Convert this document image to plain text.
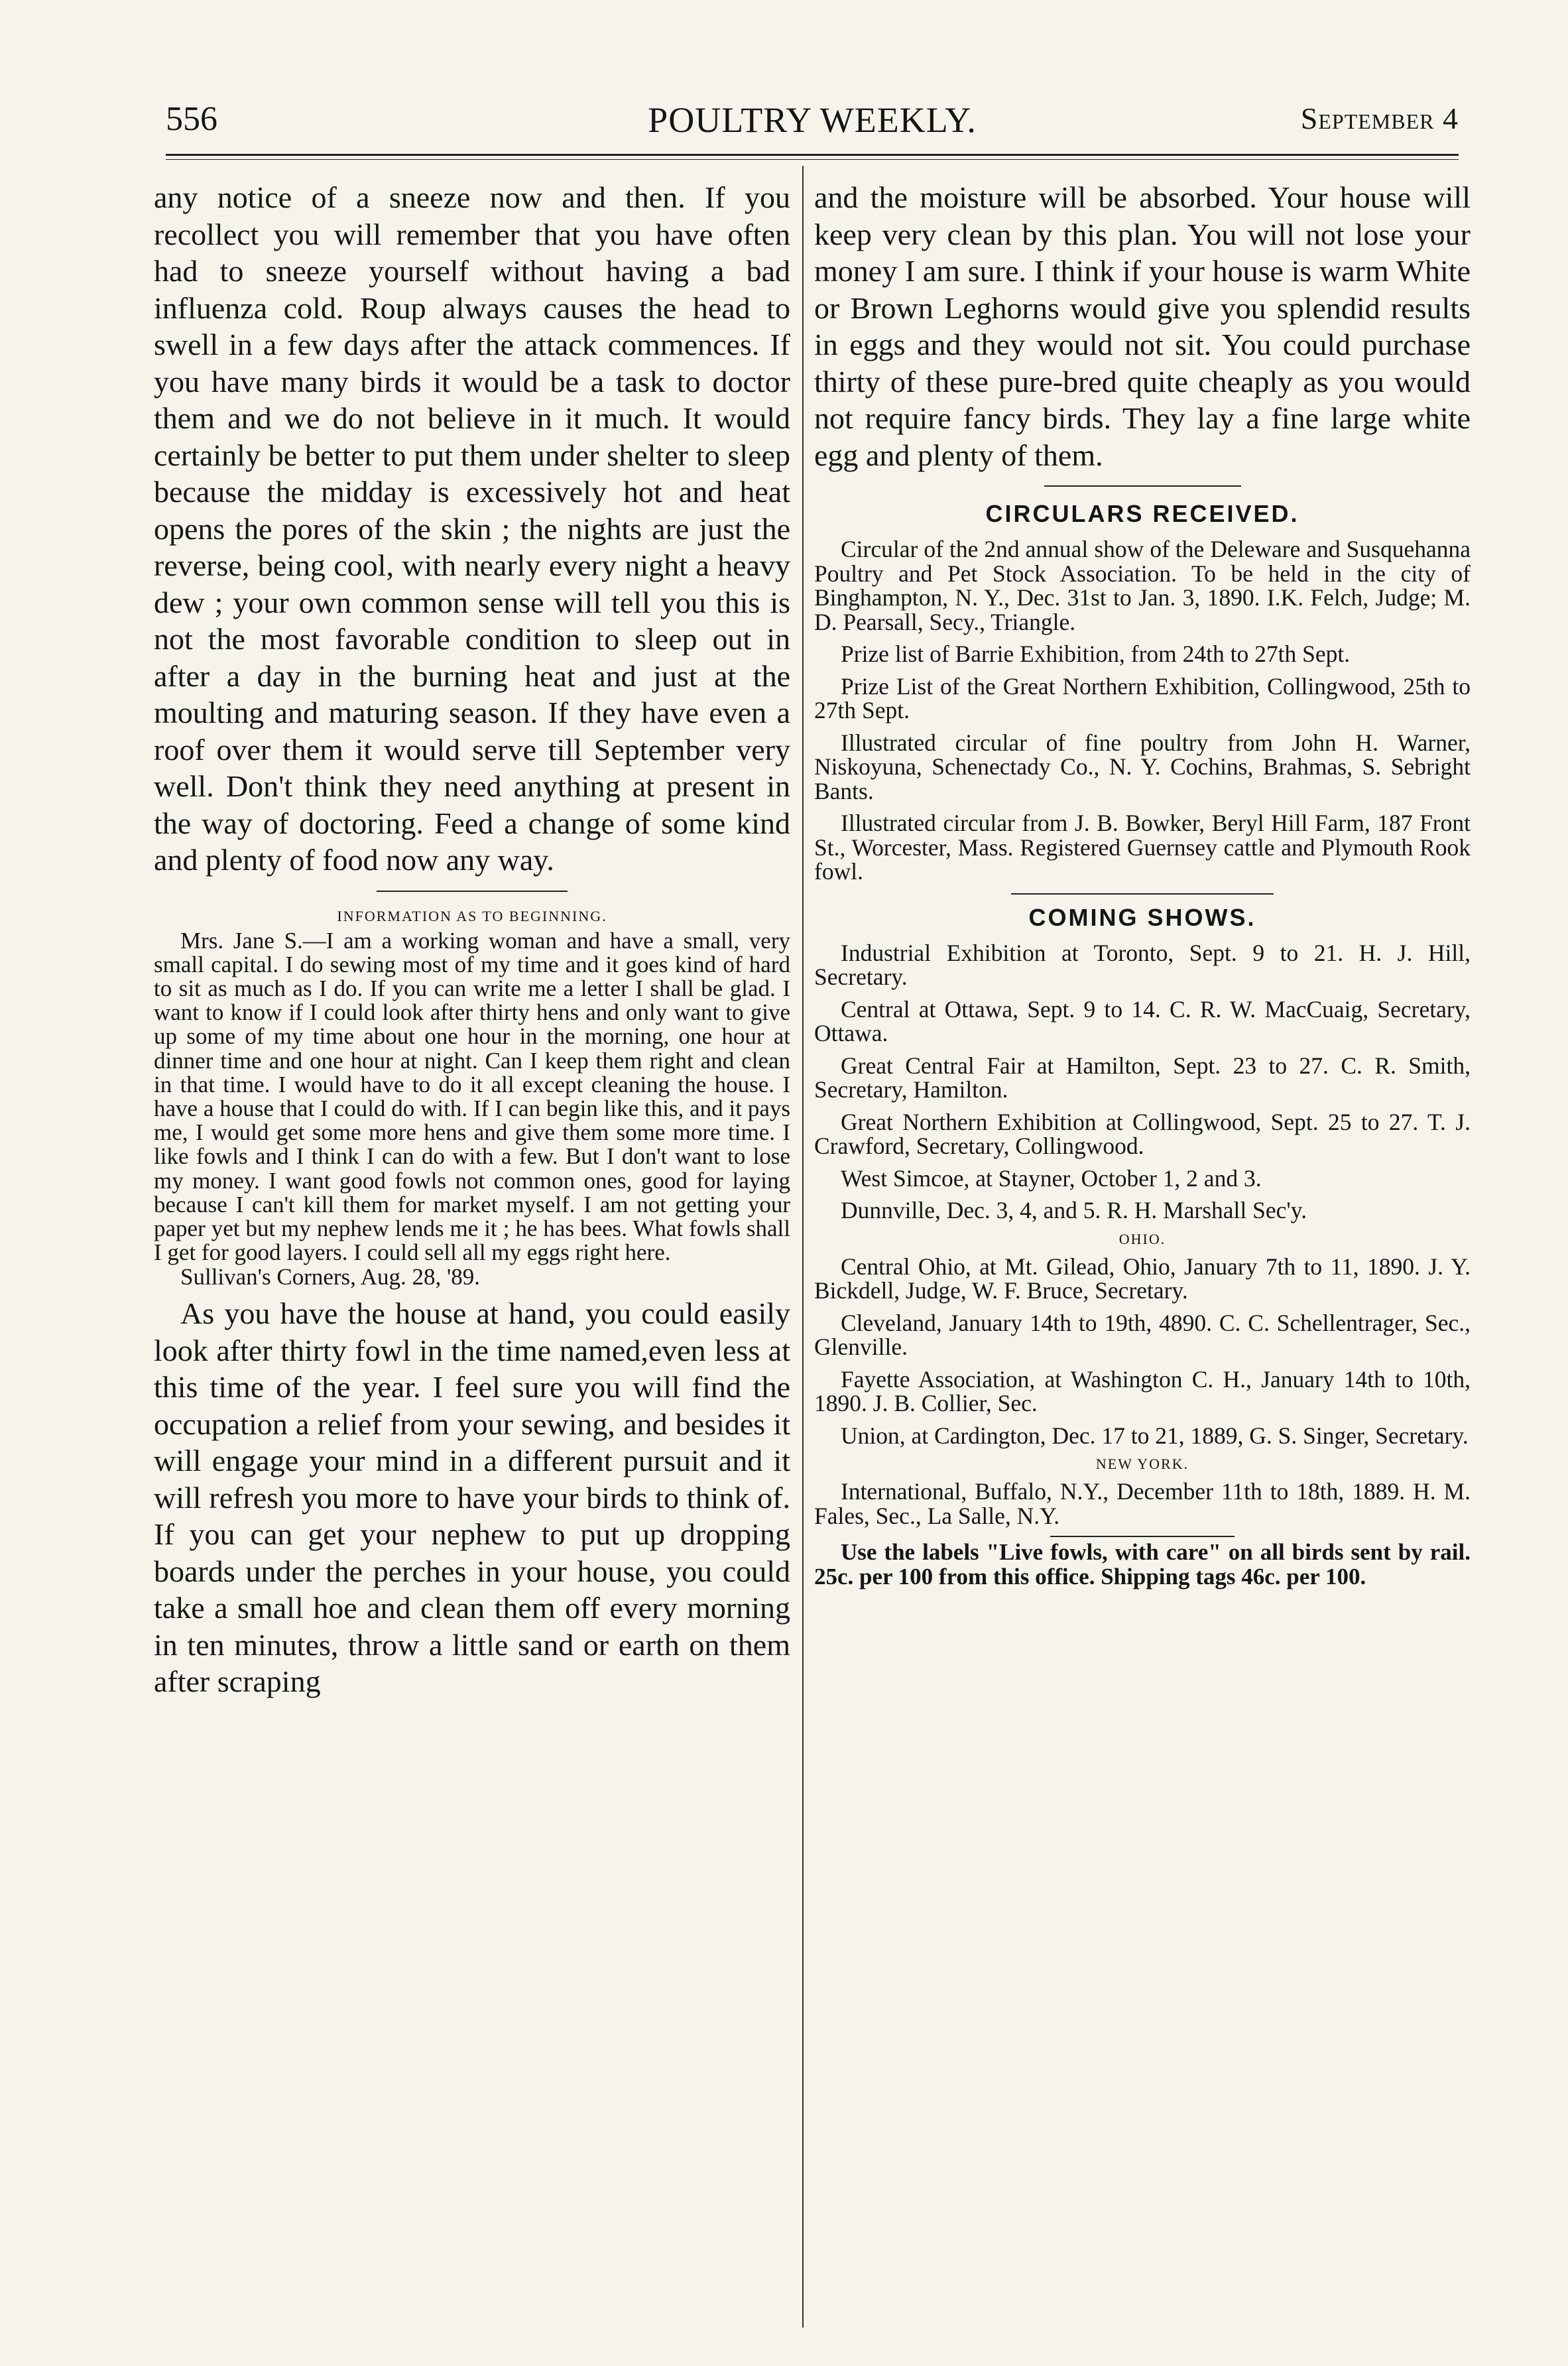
556	POULTRY WEEKLY.	September 4

any notice of a sneeze now and then. If you recollect you will remember that you have often had to sneeze yourself without having a bad influenza cold. Roup always causes the head to swell in a few days after the attack commences. If you have many birds it would be a task to doctor them and we do not believe in it much. It would certainly be better to put them under shelter to sleep because the midday is excessively hot and heat opens the pores of the skin ; the nights are just the reverse, being cool, with nearly every night a heavy dew ; your own common sense will tell you this is not the most favorable condition to sleep out in after a day in the burning heat and just at the moulting and maturing season. If they have even a roof over them it would serve till September very well. Don't think they need anything at present in the way of doctoring. Feed a change of some kind and plenty of food now any way.

INFORMATION AS TO BEGINNING.

Mrs. Jane S.—I am a working woman and have a small, very small capital. I do sewing most of my time and it goes kind of hard to sit as much as I do. If you can write me a letter I shall be glad. I want to know if I could look after thirty hens and only want to give up some of my time about one hour in the morning, one hour at dinner time and one hour at night. Can I keep them right and clean in that time. I would have to do it all except cleaning the house. I have a house that I could do with. If I can begin like this, and it pays me, I would get some more hens and give them some more time. I like fowls and I think I can do with a few. But I don't want to lose my money. I want good fowls not common ones, good for laying because I can't kill them for market myself. I am not getting your paper yet but my nephew lends me it ; he has bees. What fowls shall I get for good layers. I could sell all my eggs right here.

Sullivan's Corners, Aug. 28, '89.

As you have the house at hand, you could easily look after thirty fowl in the time named,even less at this time of the year. I feel sure you will find the occupation a relief from your sewing, and besides it will engage your mind in a different pursuit and it will refresh you more to have your birds to think of. If you can get your nephew to put up dropping boards under the perches in your house, you could take a small hoe and clean them off every morning in ten minutes, throw a little sand or earth on them after scraping

and the moisture will be absorbed. Your house will keep very clean by this plan. You will not lose your money I am sure. I think if your house is warm White or Brown Leghorns would give you splendid results in eggs and they would not sit. You could purchase thirty of these pure-bred quite cheaply as you would not require fancy birds. They lay a fine large white egg and plenty of them.

CIRCULARS RECEIVED.

Circular of the 2nd annual show of the Deleware and Susquehanna Poultry and Pet Stock Association. To be held in the city of Binghampton, N. Y., Dec. 31st to Jan. 3, 1890. I.K. Felch, Judge; M. D. Pearsall, Secy., Triangle.

Prize list of Barrie Exhibition, from 24th to 27th Sept.

Prize List of the Great Northern Exhibition, Collingwood, 25th to 27th Sept.

Illustrated circular of fine poultry from John H. Warner, Niskoyuna, Schenectady Co., N. Y. Cochins, Brahmas, S. Sebright Bants.

Illustrated circular from J. B. Bowker, Beryl Hill Farm, 187 Front St., Worcester, Mass. Registered Guernsey cattle and Plymouth Rook fowl.

COMING SHOWS.

Industrial Exhibition at Toronto, Sept. 9 to 21. H. J. Hill, Secretary.

Central at Ottawa, Sept. 9 to 14. C. R. W. MacCuaig, Secretary, Ottawa.

Great Central Fair at Hamilton, Sept. 23 to 27. C. R. Smith, Secretary, Hamilton.

Great Northern Exhibition at Collingwood, Sept. 25 to 27. T. J. Crawford, Secretary, Collingwood.

West Simcoe, at Stayner, October 1, 2 and 3.

Dunnville, Dec. 3, 4, and 5. R. H. Marshall Sec'y.

OHIO.

Central Ohio, at Mt. Gilead, Ohio, January 7th to 11, 1890. J. Y. Bickdell, Judge, W. F. Bruce, Secretary.

Cleveland, January 14th to 19th, 4890. C. C. Schellentrager, Sec., Glenville.

Fayette Association, at Washington C. H., January 14th to 10th, 1890. J. B. Collier, Sec.

Union, at Cardington, Dec. 17 to 21, 1889, G. S. Singer, Secretary.

NEW YORK.

International, Buffalo, N.Y., December 11th to 18th, 1889. H. M. Fales, Sec., La Salle, N.Y.

Use the labels "Live fowls, with care" on all birds sent by rail. 25c. per 100 from this office. Shipping tags 46c. per 100.
